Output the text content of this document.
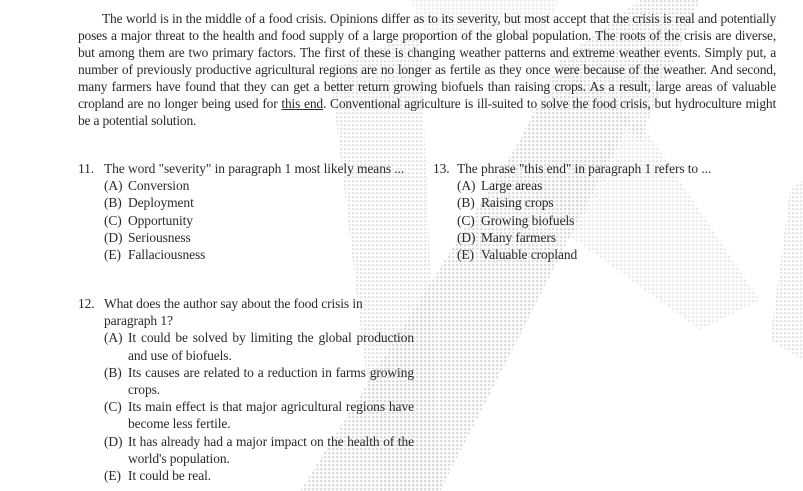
The world is in the middle of a food crisis. Opinions differ as to its severity, but most accept that the crisis is real and potentially poses a major threat to the health and food supply of a large proportion of the global population. The roots of the crisis are diverse, but among them are two primary factors. The first of these is changing weather patterns and extreme weather events. Simply put, a number of previously productive agricultural regions are no longer as fertile as they once were because of the weather. And second, many farmers have found that they can get a better return growing biofuels than raising crops. As a result, large areas of valuable cropland are no longer being used for this end. Conventional agriculture is ill-suited to solve the food crisis, but hydroculture might be a potential solution.

11. The word "severity" in paragraph 1 most likely means ...
(A) Conversion
(B) Deployment
(C) Opportunity
(D) Seriousness
(E) Fallaciousness
13. The phrase "this end" in paragraph 1 refers to ...
(A) Large areas
(B) Raising crops
(C) Growing biofuels
(D) Many farmers
(E) Valuable cropland
12. What does the author say about the food crisis in paragraph 1?
(A) It could be solved by limiting the global production and use of biofuels.
(B) Its causes are related to a reduction in farms growing crops.
(C) Its main effect is that major agricultural regions have become less fertile.
(D) It has already had a major impact on the health of the world's population.
(E) It could be real.
